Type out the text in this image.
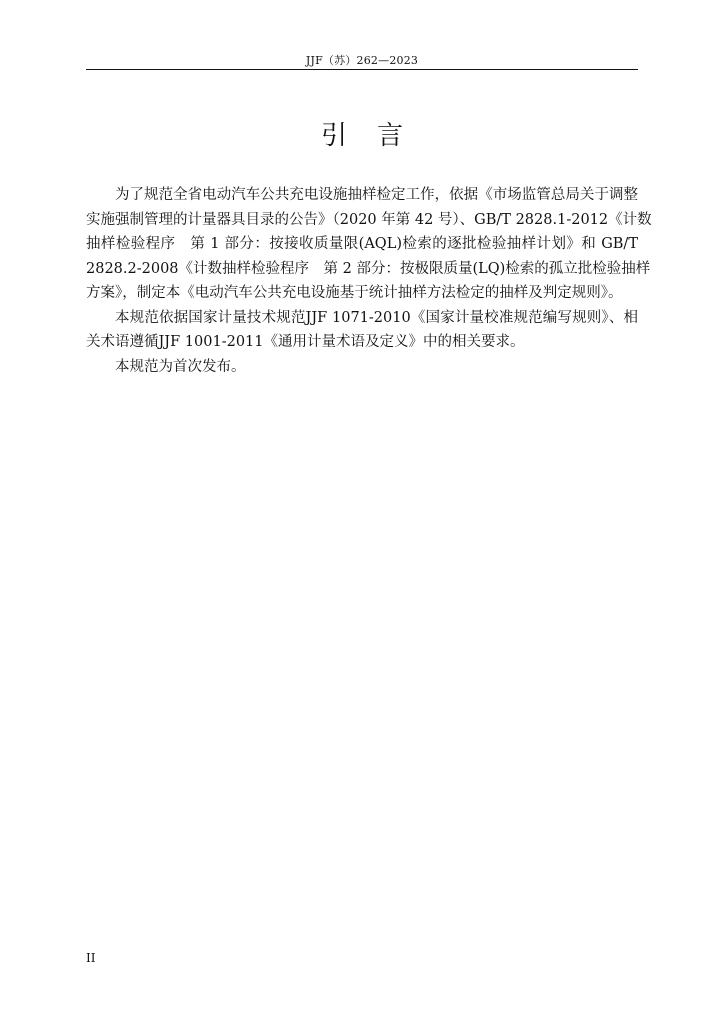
JJF（苏）262—2023
引言

为了规范全省电动汽车公共充电设施抽样检定工作，依据《市场监管总局关于调整
实施强制管理的计量器具目录的公告》（2020 年第 42 号）、GB/T 2828.1-2012《计数
抽样检验程序　第 1 部分：按接收质量限(AQL)检索的逐批检验抽样计划》和 GB/T
2828.2-2008《计数抽样检验程序　第 2 部分：按极限质量(LQ)检索的孤立批检验抽样
方案》，制定本《电动汽车公共充电设施基于统计抽样方法检定的抽样及判定规则》。

本规范依据国家计量技术规范JJF 1071-2010《国家计量校准规范编写规则》、相
关术语遵循JJF 1001-2011《通用计量术语及定义》中的相关要求。

本规范为首次发布。

II
